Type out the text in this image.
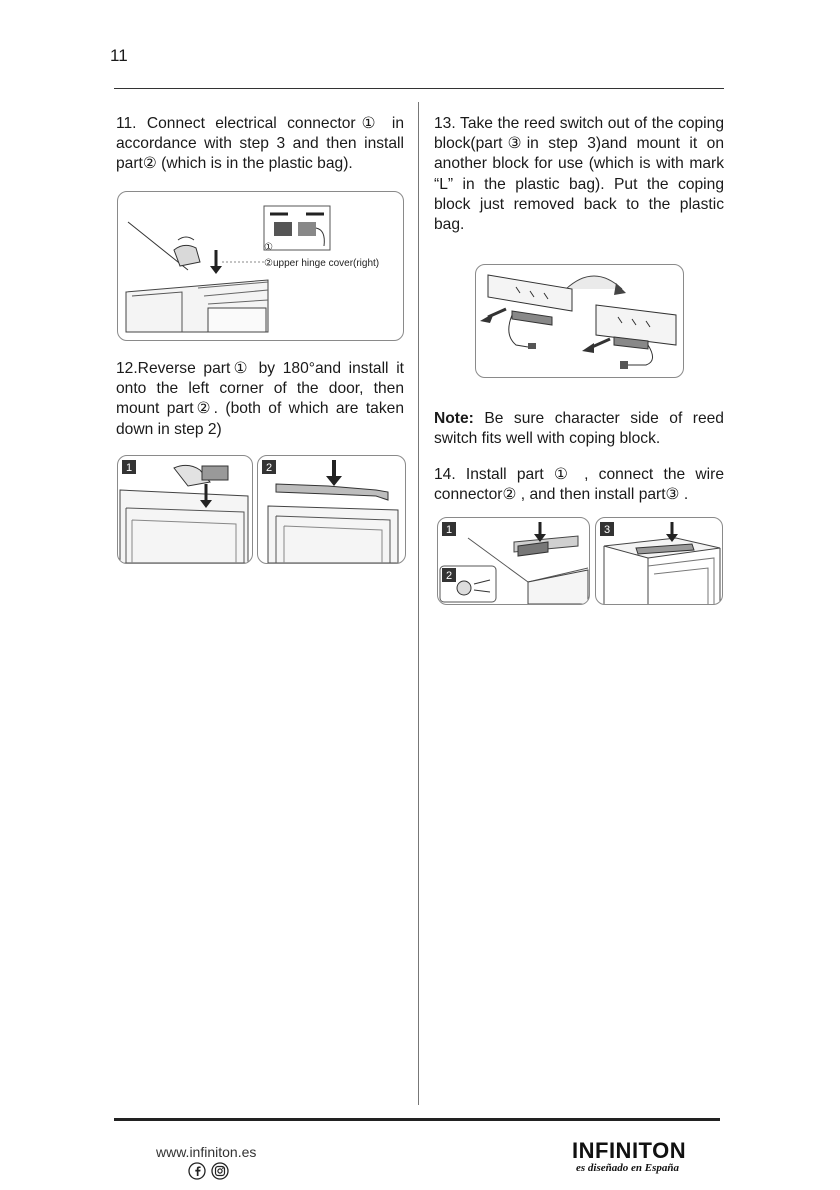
11

11. Connect electrical connector① in accordance with step 3 and then install part② (which is in the plastic bag).

①
②upper hinge cover(right)

12.Reverse part① by 180°and install it onto the left corner of the door, then mount part②. (both of which are taken down in step 2)

1	2

13. Take the reed switch out of the coping block(part③in step 3)and mount it on another block for use (which is with mark “L” in the plastic bag). Put the coping block just removed back to the plastic bag.

Note: Be sure character side of reed switch fits well with coping block.

14. Install part ① , connect the wire connector② , and then install part③ .

1
2
3
www.infiniton.es	INFINITON
es diseñado en España
